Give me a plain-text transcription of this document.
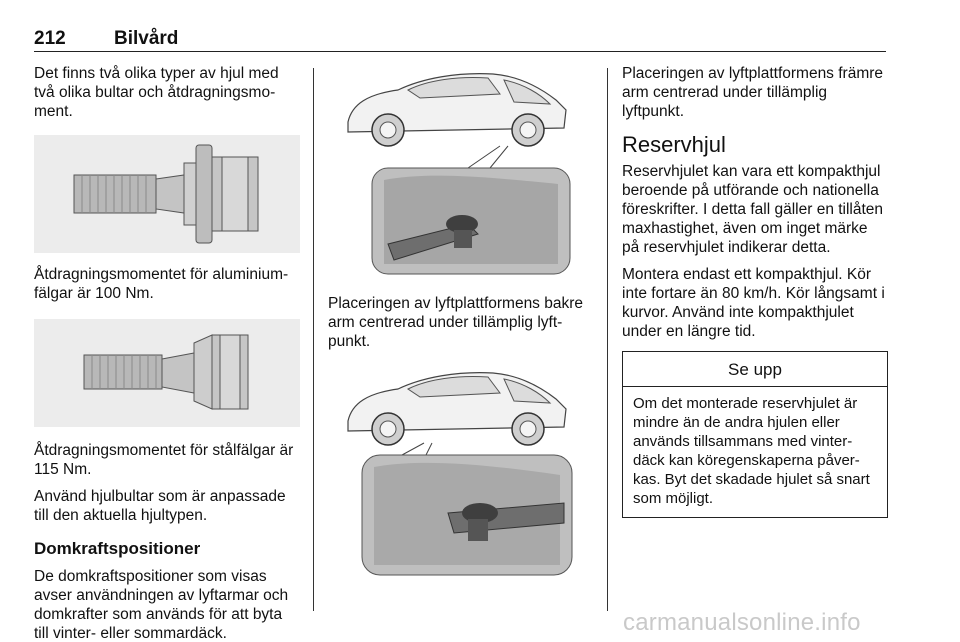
212	Bilvård

Det finns två olika typer av hjul med två olika bultar och åtdragningsmo-ment.

Åtdragningsmomentet för aluminium-fälgar är 100 Nm.

Åtdragningsmomentet för stålfälgar är 115 Nm.

Använd hjulbultar som är anpassade till den aktuella hjultypen.

Domkraftspositioner

De domkraftspositioner som visas avser användningen av lyftarmar och domkrafter som används för att byta till vinter- eller sommardäck.

Placeringen av lyftplattformens bakre arm centrerad under tillämplig lyft-punkt.

Placeringen av lyftplattformens främre arm centrerad under tillämplig lyftpunkt.

Reservhjul

Reservhjulet kan vara ett kompakthjul beroende på utförande och nationella föreskrifter. I detta fall gäller en tillåten maxhastighet, även om inget märke på reservhjulet indikerar detta.

Montera endast ett kompakthjul. Kör inte fortare än 80 km/h. Kör långsamt i kurvor. Använd inte kompakthjulet under en längre tid.

Se upp
Om det monterade reservhjulet är mindre än de andra hjulen eller används tillsammans med vinter-däck kan köregenskaperna påver-kas. Byt det skadade hjulet så snart som möjligt.
carmanualsonline.info
